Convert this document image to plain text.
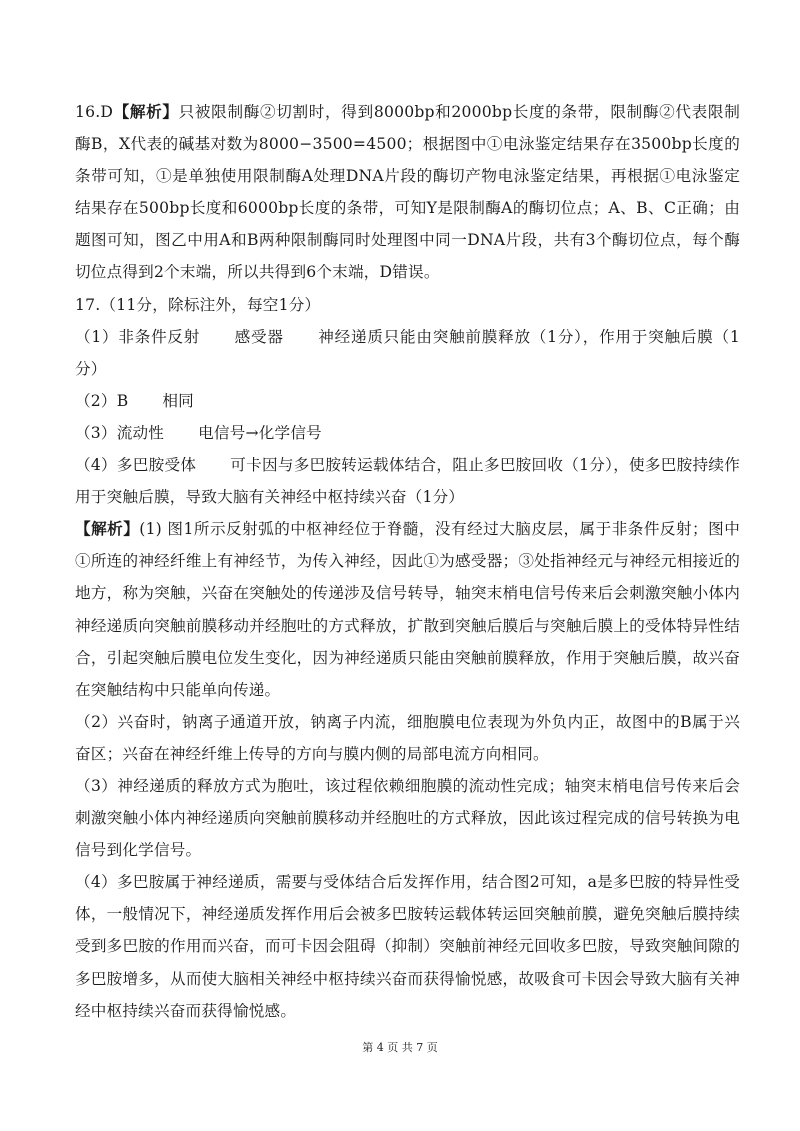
16.D【解析】只被限制酶②切割时，得到8000bp和2000bp长度的条带，限制酶②代表限制酶B，X代表的碱基对数为8000−3500=4500；根据图中①电泳鉴定结果存在3500bp长度的条带可知，①是单独使用限制酶A处理DNA片段的酶切产物电泳鉴定结果，再根据①电泳鉴定结果存在500bp长度和6000bp长度的条带，可知Y是限制酶A的酶切位点；A、B、C正确；由题图可知，图乙中用A和B两种限制酶同时处理图中同一DNA片段，共有3个酶切位点，每个酶切位点得到2个末端，所以共得到6个末端，D错误。

17.（11分，除标注外，每空1分）

（1）非条件反射 感受器 神经递质只能由突触前膜释放（1分），作用于突触后膜（1分）

（2）B 相同

（3）流动性 电信号→化学信号

（4）多巴胺受体 可卡因与多巴胺转运载体结合，阻止多巴胺回收（1分），使多巴胺持续作用于突触后膜，导致大脑有关神经中枢持续兴奋（1分）

【解析】(1) 图1所示反射弧的中枢神经位于脊髓，没有经过大脑皮层，属于非条件反射；图中①所连的神经纤维上有神经节，为传入神经，因此①为感受器；③处指神经元与神经元相接近的地方，称为突触，兴奋在突触处的传递涉及信号转导，轴突末梢电信号传来后会刺激突触小体内神经递质向突触前膜移动并经胞吐的方式释放，扩散到突触后膜后与突触后膜上的受体特异性结合，引起突触后膜电位发生变化，因为神经递质只能由突触前膜释放，作用于突触后膜，故兴奋在突触结构中只能单向传递。

（2）兴奋时，钠离子通道开放，钠离子内流，细胞膜电位表现为外负内正，故图中的B属于兴奋区；兴奋在神经纤维上传导的方向与膜内侧的局部电流方向相同。

（3）神经递质的释放方式为胞吐，该过程依赖细胞膜的流动性完成；轴突末梢电信号传来后会刺激突触小体内神经递质向突触前膜移动并经胞吐的方式释放，因此该过程完成的信号转换为电信号到化学信号。

（4）多巴胺属于神经递质，需要与受体结合后发挥作用，结合图2可知，a是多巴胺的特异性受体，一般情况下，神经递质发挥作用后会被多巴胺转运载体转运回突触前膜，避免突触后膜持续受到多巴胺的作用而兴奋，而可卡因会阻碍（抑制）突触前神经元回收多巴胺，导致突触间隙的多巴胺增多，从而使大脑相关神经中枢持续兴奋而获得愉悦感，故吸食可卡因会导致大脑有关神经中枢持续兴奋而获得愉悦感。

第 4 页 共 7 页
